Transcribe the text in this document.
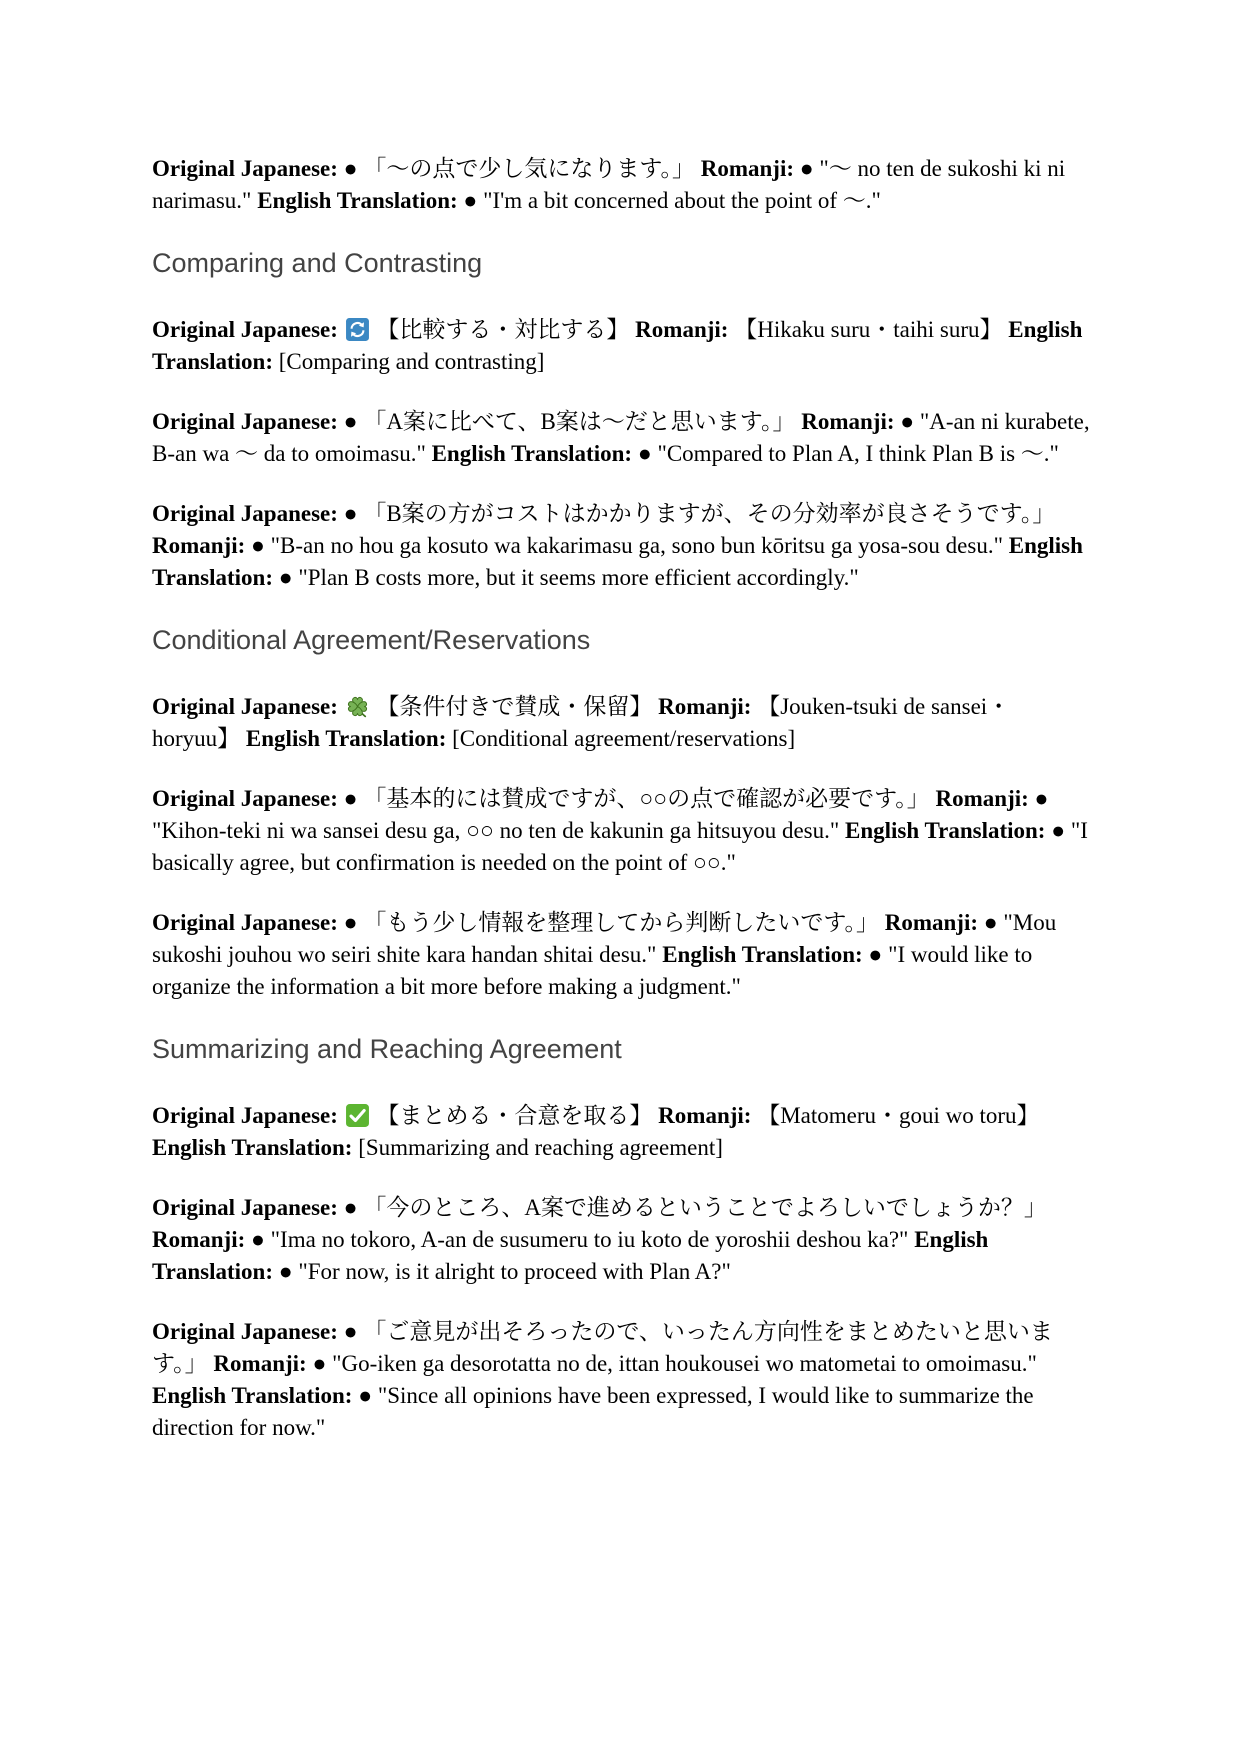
Original Japanese: ● 「〜の点で少し気になります。」 Romanji: ● "〜 no ten de sukoshi ki ni narimasu." English Translation: ● "I'm a bit concerned about the point of 〜."

Comparing and Contrasting

Original Japanese: 【比較する・対比する】 Romanji: 【Hikaku suru・taihi suru】 English Translation: [Comparing and contrasting]

Original Japanese: ● 「A案に比べて、B案は〜だと思います。」 Romanji: ● "A-an ni kurabete, B-an wa 〜 da to omoimasu." English Translation: ● "Compared to Plan A, I think Plan B is 〜."

Original Japanese: ● 「B案の方がコストはかかりますが、その分効率が良さそうです。」 Romanji: ● "B-an no hou ga kosuto wa kakarimasu ga, sono bun kōritsu ga yosa-sou desu." English Translation: ● "Plan B costs more, but it seems more efficient accordingly."

Conditional Agreement/Reservations

Original Japanese: 【条件付きで賛成・保留】 Romanji: 【Jouken-tsuki de sansei・horyuu】 English Translation: [Conditional agreement/reservations]

Original Japanese: ● 「基本的には賛成ですが、○○の点で確認が必要です。」 Romanji: ● "Kihon-teki ni wa sansei desu ga, ○○ no ten de kakunin ga hitsuyou desu." English Translation: ● "I basically agree, but confirmation is needed on the point of ○○."

Original Japanese: ● 「もう少し情報を整理してから判断したいです。」 Romanji: ● "Mou sukoshi jouhou wo seiri shite kara handan shitai desu." English Translation: ● "I would like to organize the information a bit more before making a judgment."

Summarizing and Reaching Agreement

Original Japanese: 【まとめる・合意を取る】 Romanji: 【Matomeru・goui wo toru】 English Translation: [Summarizing and reaching agreement]

Original Japanese: ● 「今のところ、A案で進めるということでよろしいでしょうか？」 Romanji: ● "Ima no tokoro, A-an de susumeru to iu koto de yoroshii deshou ka?" English Translation: ● "For now, is it alright to proceed with Plan A?"

Original Japanese: ● 「ご意見が出そろったので、いったん方向性をまとめたいと思います。」 Romanji: ● "Go-iken ga desorotatta no de, ittan houkousei wo matometai to omoimasu." English Translation: ● "Since all opinions have been expressed, I would like to summarize the direction for now."
